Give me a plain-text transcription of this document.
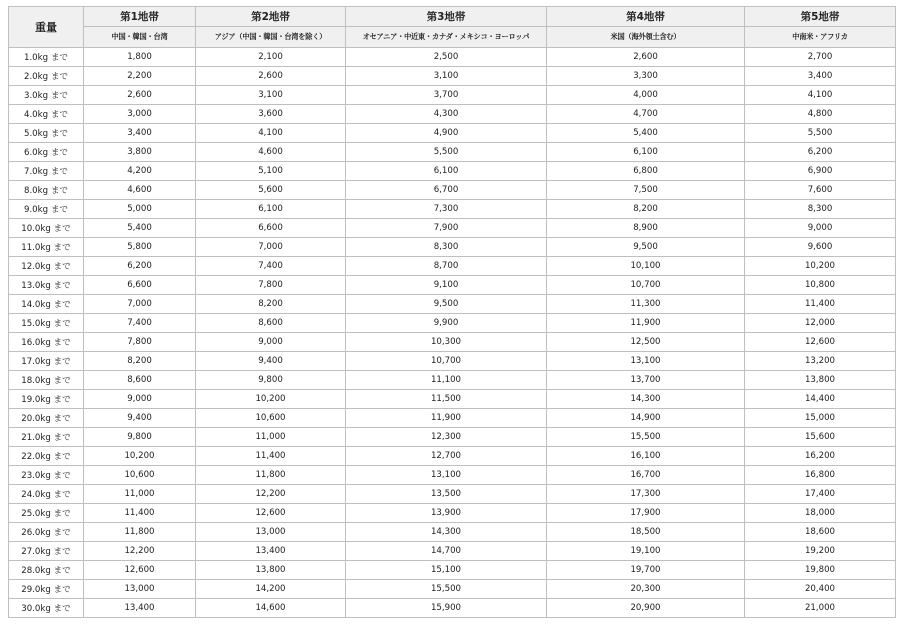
重量	第1地帯	第2地帯	第3地帯	第4地帯	第5地帯
	中国・韓国・台湾	アジア（中国・韓国・台湾を除く）	オセアニア・中近東・カナダ・メキシコ・ヨーロッパ	米国（海外領土含む）	中南米・アフリカ
1.0kg まで	1,800	2,100	2,500	2,600	2,700
2.0kg まで	2,200	2,600	3,100	3,300	3,400
3.0kg まで	2,600	3,100	3,700	4,000	4,100
4.0kg まで	3,000	3,600	4,300	4,700	4,800
5.0kg まで	3,400	4,100	4,900	5,400	5,500
6.0kg まで	3,800	4,600	5,500	6,100	6,200
7.0kg まで	4,200	5,100	6,100	6,800	6,900
8.0kg まで	4,600	5,600	6,700	7,500	7,600
9.0kg まで	5,000	6,100	7,300	8,200	8,300
10.0kg まで	5,400	6,600	7,900	8,900	9,000
11.0kg まで	5,800	7,000	8,300	9,500	9,600
12.0kg まで	6,200	7,400	8,700	10,100	10,200
13.0kg まで	6,600	7,800	9,100	10,700	10,800
14.0kg まで	7,000	8,200	9,500	11,300	11,400
15.0kg まで	7,400	8,600	9,900	11,900	12,000
16.0kg まで	7,800	9,000	10,300	12,500	12,600
17.0kg まで	8,200	9,400	10,700	13,100	13,200
18.0kg まで	8,600	9,800	11,100	13,700	13,800
19.0kg まで	9,000	10,200	11,500	14,300	14,400
20.0kg まで	9,400	10,600	11,900	14,900	15,000
21.0kg まで	9,800	11,000	12,300	15,500	15,600
22.0kg まで	10,200	11,400	12,700	16,100	16,200
23.0kg まで	10,600	11,800	13,100	16,700	16,800
24.0kg まで	11,000	12,200	13,500	17,300	17,400
25.0kg まで	11,400	12,600	13,900	17,900	18,000
26.0kg まで	11,800	13,000	14,300	18,500	18,600
27.0kg まで	12,200	13,400	14,700	19,100	19,200
28.0kg まで	12,600	13,800	15,100	19,700	19,800
29.0kg まで	13,000	14,200	15,500	20,300	20,400
30.0kg まで	13,400	14,600	15,900	20,900	21,000
